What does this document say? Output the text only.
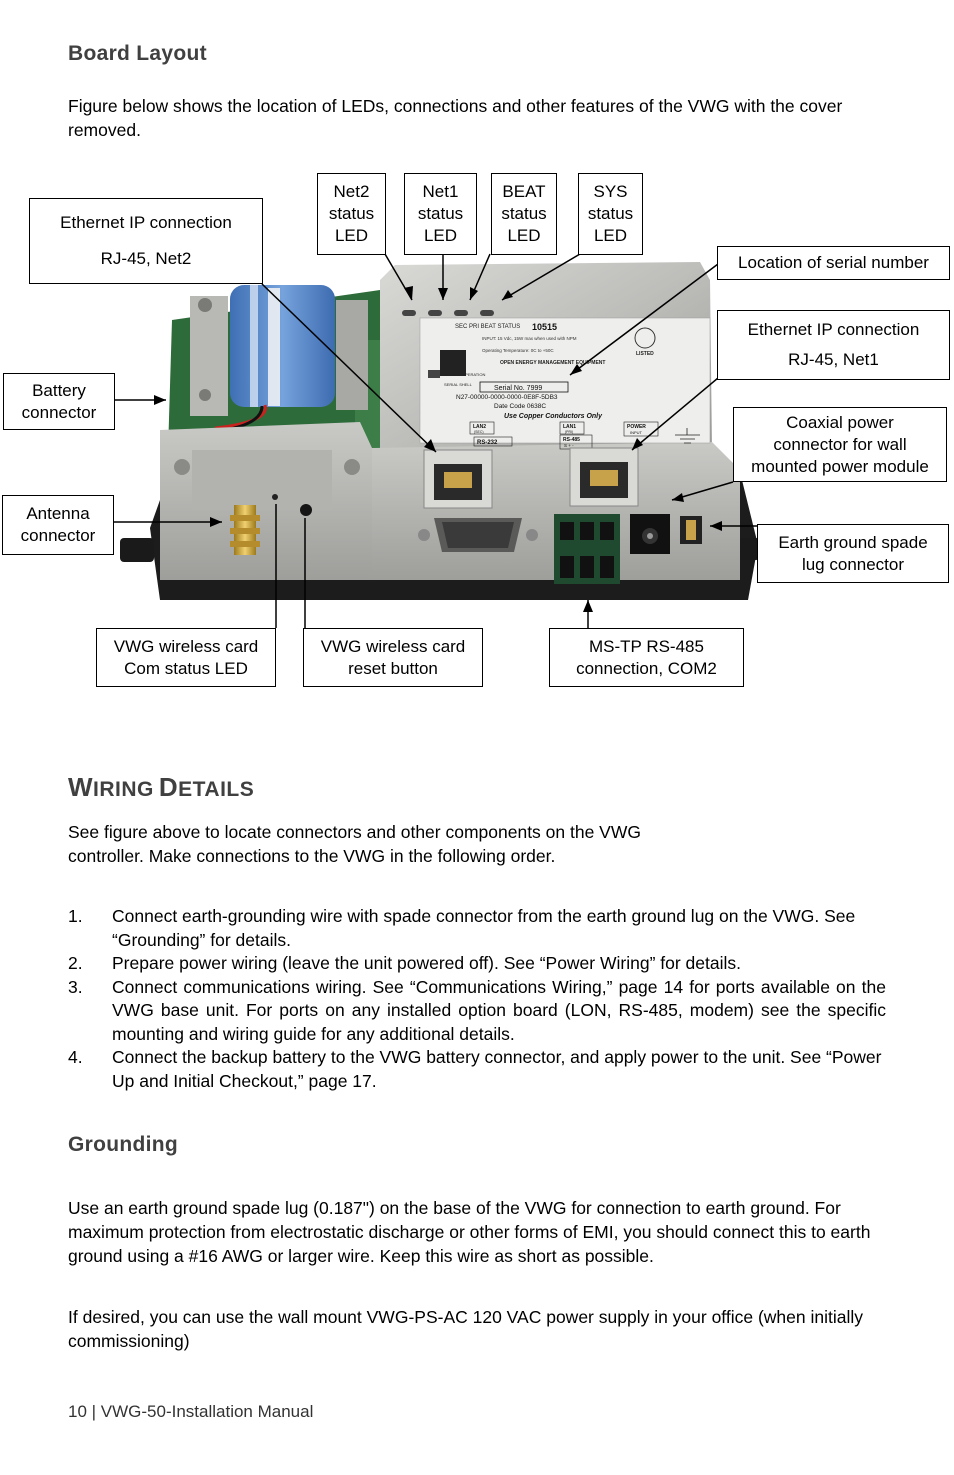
Board Layout
Figure below shows the location of LEDs, connections and other features of the VWG with the cover removed.
SEC PRI BEAT STATUS 10515
INPUT: 15 Vdc, 15W max when used with NPM
Operating Temperature: 0C to +50C
OPEN ENERGY MANAGEMENT EQUIPMENT
LISTED
NORMAL OPERATION
SERIAL SHELL
Serial No. 7999
N27-00000-0000-0000-0E8F-5DB3
Date Code 0638C
Use Copper Conductors Only
LAN2
(SEC)
LAN1
(PRI)
RS-232	RS-485
S + -
POWER
INPUT
Ethernet IP connection
RJ-45, Net2
Net2
status
LED
Net1
status
LED
BEAT
status
LED
SYS
status
LED
Location of serial number
Ethernet IP connection
RJ-45, Net1
Battery
connector
Coaxial power
connector for wall
mounted power module
Antenna
connector	Earth ground spade
lug connector
VWG wireless card
Com status LED
VWG wireless card
reset button
MS-TP RS-485
connection, COM2
WIRING DETAILS
See figure above to locate connectors and other components on the VWG controller. Make connections to the VWG in the following order.
1. Connect earth-grounding wire with spade connector from the earth ground lug on the VWG. See “Grounding” for details.
2. Prepare power wiring (leave the unit powered off). See “Power Wiring” for details.
3. Connect communications wiring. See “Communications Wiring,” page 14 for ports available on the VWG base unit. For ports on any installed option board (LON, RS-485, modem) see the specific mounting and wiring guide for any additional details.
4. Connect the backup battery to the VWG battery connector, and apply power to the unit. See “Power Up and Initial Checkout,” page 17.
Grounding
Use an earth ground spade lug (0.187") on the base of the VWG for connection to earth ground. For maximum protection from electrostatic discharge or other forms of EMI, you should connect this to earth ground using a #16 AWG or larger wire. Keep this wire as short as possible.
If desired, you can use the wall mount VWG-PS-AC 120 VAC power supply in your office (when initially commissioning)
10 | VWG-50-Installation Manual
